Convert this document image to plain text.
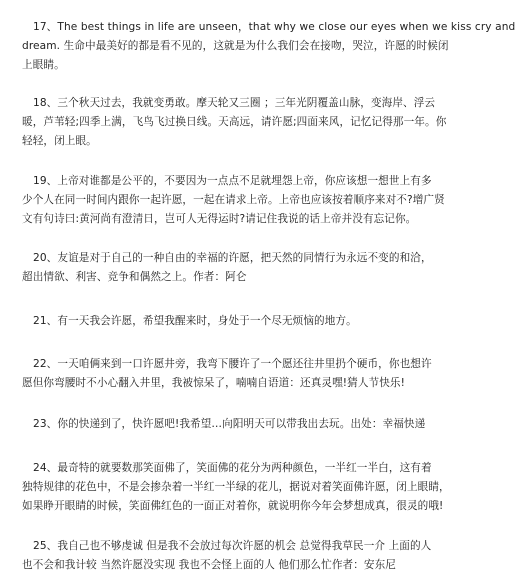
17、The best things in life are unseen，that why we close our eyes when we kiss cry and
dream. 生命中最美好的都是看不见的，这就是为什么我们会在接吻，哭泣，许愿的时候闭
上眼睛。
18、三个秋天过去，我就变勇敢。摩天轮又三圈 ；三年光阴覆盖山脉，变海岸、浮云
暖，芦苇轻;四季上满，飞鸟飞过换日线。天高远，请许愿;四面来风，记忆记得那一年。你
轻轻，闭上眼。
19、上帝对谁都是公平的，不要因为一点点不足就埋怨上帝，你应该想一想世上有多
少个人在同一时间内跟你一起许愿，一起在请求上帝。上帝也应该按着顺序来对不?增广贤
文有句诗曰:黄河尚有澄清日，岂可人无得运时?请记住我说的话上帝并没有忘记你。
20、友谊是对于自己的一种自由的幸福的许愿，把天然的同情行为永远不变的和洽，
超出情欲、利害、竞争和偶然之上。作者：阿仑
21、有一天我会许愿，希望我醒来时，身处于一个尽无烦恼的地方。
22、一天咱俩来到一口许愿井旁，我弯下腰许了一个愿还往井里扔个硬币，你也想许
愿但你弯腰时不小心翻入井里，我被惊呆了，喃喃自语道：还真灵嘿!猜人节快乐!
23、你的快递到了，快许愿吧!我希望…向阳明天可以带我出去玩。出处：幸福快递
24、最奇特的就要数那笑面佛了，笑面佛的花分为两种颜色，一半红一半白，这有着
独特规律的花色中，不是会掺杂着一半红一半绿的花儿，据说对着笑面佛许愿，闭上眼睛，
如果睁开眼睛的时候，笑面佛红色的一面正对着你，就说明你今年会梦想成真，很灵的哦!
25、我自己也不够虔诚 但是我不会放过每次许愿的机会 总觉得我草民一介 上面的人
也不会和我计较 当然许愿没实现 我也不会怪上面的人 他们那么忙作者：安东尼
